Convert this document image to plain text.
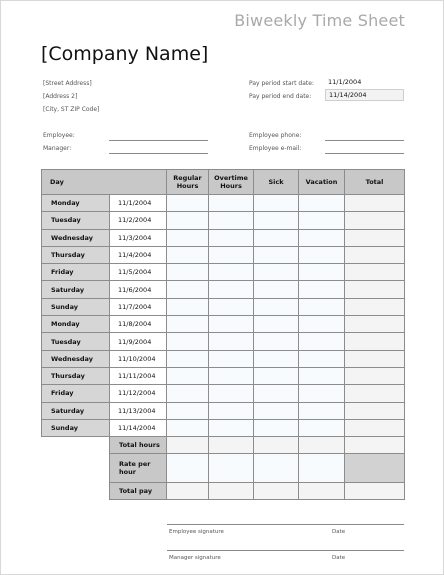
Biweekly Time Sheet
[Company Name]
[Street Address]
[Address 2]
[City, ST ZIP Code]
Pay period start date:	11/1/2004
Pay period end date:	11/14/2004
Employee:
Manager:
Employee phone:
Employee e-mail:
Day		Regular Hours	Overtime Hours	Sick	Vacation	Total
Monday	11/1/2004					
Tuesday	11/2/2004					
Wednesday	11/3/2004					
Thursday	11/4/2004					
Friday	11/5/2004					
Saturday	11/6/2004					
Sunday	11/7/2004					
Monday	11/8/2004					
Tuesday	11/9/2004					
Wednesday	11/10/2004					
Thursday	11/11/2004					
Friday	11/12/2004					
Saturday	11/13/2004					
Sunday	11/14/2004					
	Total hours					
	Rate per hour					
	Total pay					
Employee signature	Date
Manager signature	Date
